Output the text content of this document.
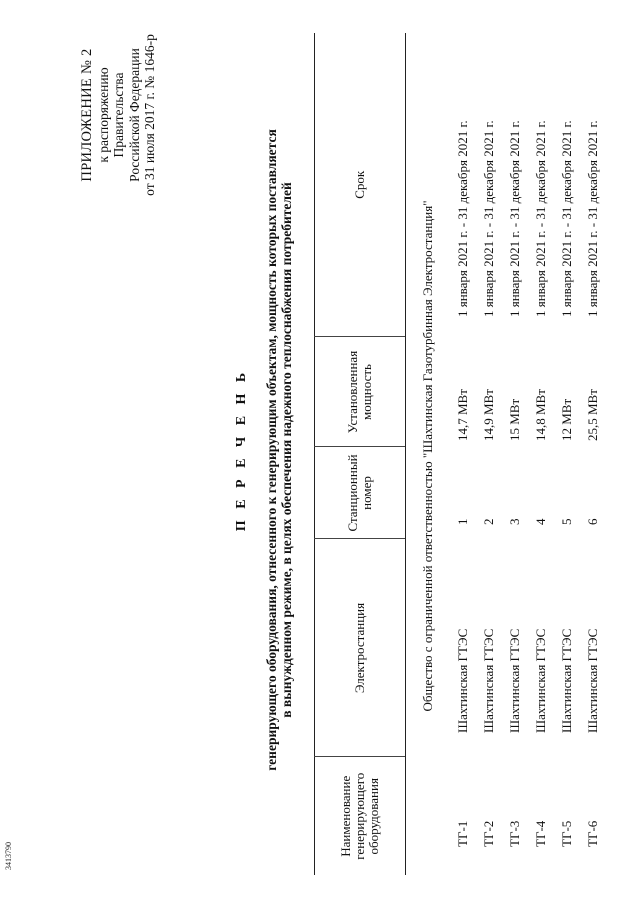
3413790
ПРИЛОЖЕНИЕ № 2 к распоряжению Правительства Российской Федерации от 31 июля 2017 г. № 1646-р
П Е Р Е Ч Е Н Ь генерирующего оборудования, отнесенного к генерирующим объектам, мощность которых поставляется в вынужденном режиме, в целях обеспечения надежного теплоснабжения потребителей
Наименование генерирующего оборудования	Электростанция	Станционный номер	Установленная мощность	Срок
Общество с ограниченной ответственностью "Шахтинская Газотурбинная Электростанция"				
ТГ-1	Шахтинская ГТЭС	1	14,7 МВт	1 января 2021 г. - 31 декабря 2021 г.
ТГ-2	Шахтинская ГТЭС	2	14,9 МВт	1 января 2021 г. - 31 декабря 2021 г.
ТГ-3	Шахтинская ГТЭС	3	15 МВт	1 января 2021 г. - 31 декабря 2021 г.
ТГ-4	Шахтинская ГТЭС	4	14,8 МВт	1 января 2021 г. - 31 декабря 2021 г.
ТГ-5	Шахтинская ГТЭС	5	12 МВт	1 января 2021 г. - 31 декабря 2021 г.
ТГ-6	Шахтинская ГТЭС	6	25,5 МВт	1 января 2021 г. - 31 декабря 2021 г.
